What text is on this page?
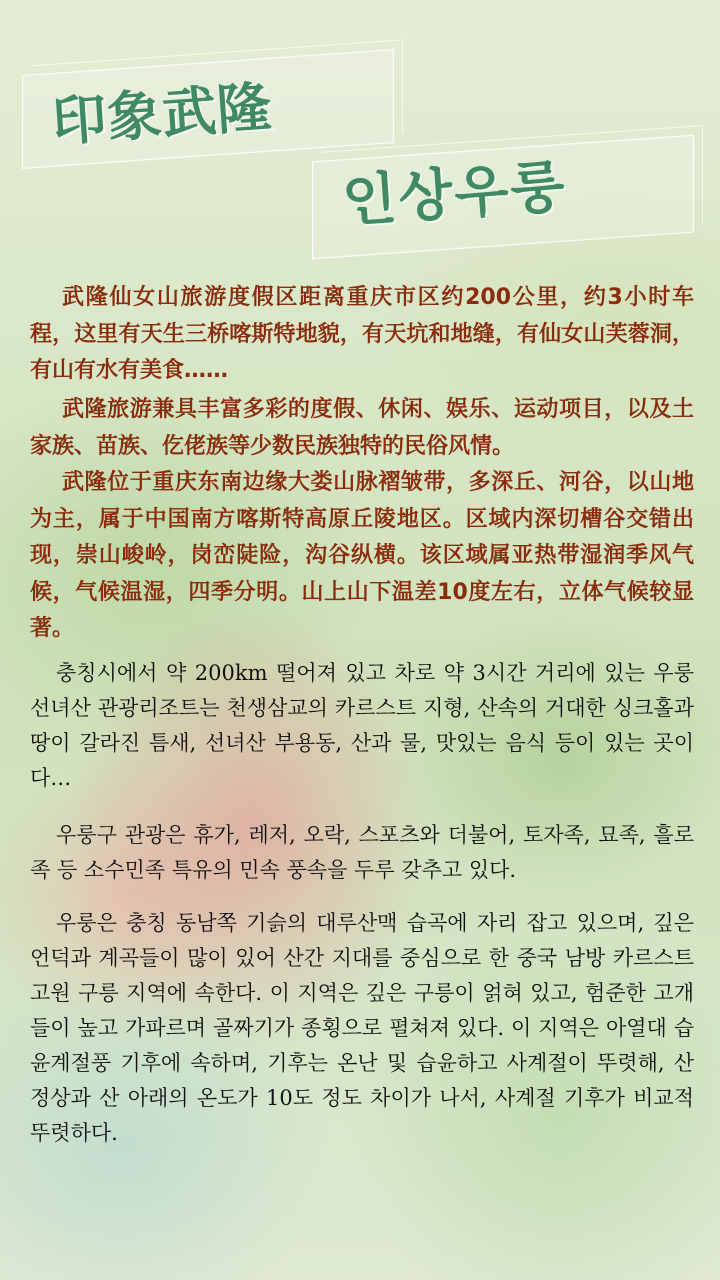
印象武隆
인상우룽

武隆仙女山旅游度假区距离重庆市区约200公里，约3小时车程，这里有天生三桥喀斯特地貌，有天坑和地缝，有仙女山芙蓉洞，有山有水有美食……

武隆旅游兼具丰富多彩的度假、休闲、娱乐、运动项目，以及土家族、苗族、仡佬族等少数民族独特的民俗风情。

武隆位于重庆东南边缘大娄山脉褶皱带，多深丘、河谷，以山地为主，属于中国南方喀斯特高原丘陵地区。区域内深切槽谷交错出现，崇山峻岭，岗峦陡险，沟谷纵横。该区域属亚热带湿润季风气候，气候温湿，四季分明。山上山下温差10度左右，立体气候较显著。

충칭시에서 약 200km 떨어져 있고 차로 약 3시간 거리에 있는 우룽선녀산 관광리조트는 천생삼교의 카르스트 지형, 산속의 거대한 싱크홀과 땅이 갈라진 틈새, 선녀산 부용동, 산과 물, 맛있는 음식 등이 있는 곳이다…

우룽구 관광은 휴가, 레저, 오락, 스포츠와 더불어, 토자족, 묘족, 흘로족 등 소수민족 특유의 민속 풍속을 두루 갖추고 있다.

우룽은 충칭 동남쪽 기슭의 대루산맥 습곡에 자리 잡고 있으며, 깊은 언덕과 계곡들이 많이 있어 산간 지대를 중심으로 한 중국 남방 카르스트 고원 구릉 지역에 속한다. 이 지역은 깊은 구릉이 얽혀 있고, 험준한 고개들이 높고 가파르며 골짜기가 종횡으로 펼쳐져 있다. 이 지역은 아열대 습윤계절풍 기후에 속하며, 기후는 온난 및 습윤하고 사계절이 뚜렷해, 산 정상과 산 아래의 온도가 10도 정도 차이가 나서, 사계절 기후가 비교적 뚜렷하다.
